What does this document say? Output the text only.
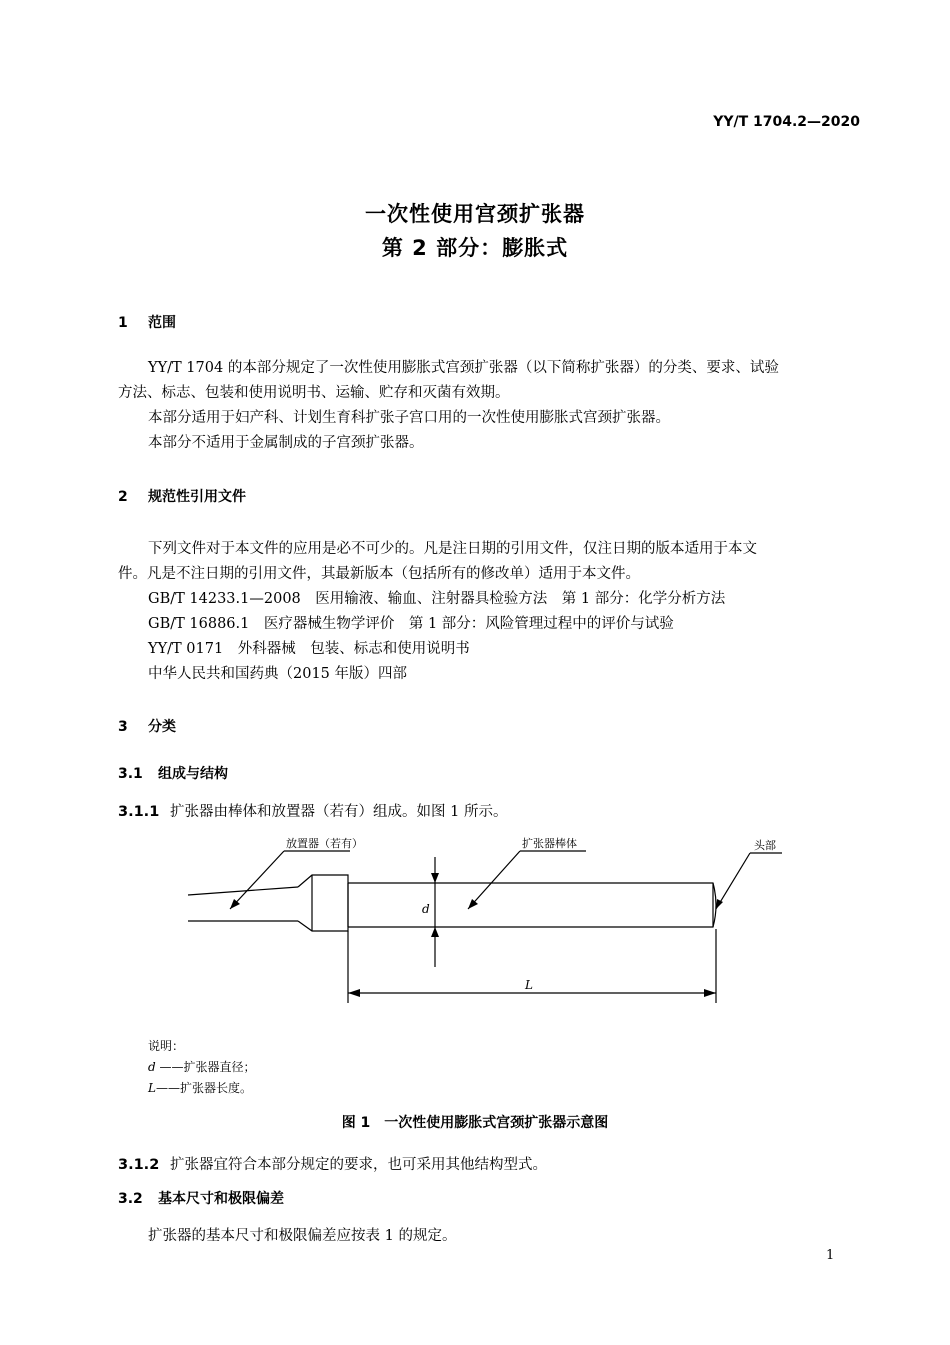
YY/T 1704.2—2020
一次性使用宫颈扩张器
第 2 部分：膨胀式
1 范围

YY/T 1704 的本部分规定了一次性使用膨胀式宫颈扩张器（以下简称扩张器）的分类、要求、试验

方法、标志、包装和使用说明书、运输、贮存和灭菌有效期。

本部分适用于妇产科、计划生育科扩张子宫口用的一次性使用膨胀式宫颈扩张器。

本部分不适用于金属制成的子宫颈扩张器。

2 规范性引用文件

下列文件对于本文件的应用是必不可少的。凡是注日期的引用文件，仅注日期的版本适用于本文

件。凡是不注日期的引用文件，其最新版本（包括所有的修改单）适用于本文件。

GB/T 14233.1—2008　医用输液、输血、注射器具检验方法　第 1 部分：化学分析方法

GB/T 16886.1　医疗器械生物学评价　第 1 部分：风险管理过程中的评价与试验

YY/T 0171　外科器械　包装、标志和使用说明书

中华人民共和国药典（2015 年版）四部

3 分类
3.1 组成与结构
3.1.1 扩张器由棒体和放置器（若有）组成。如图 1 所示。
放置器（若有）	扩张器棒体	头部
d
L
说明：
d ——扩张器直径；
L——扩张器长度。
图 1　一次性使用膨胀式宫颈扩张器示意图
3.1.2 扩张器宜符合本部分规定的要求，也可采用其他结构型式。
3.2 基本尺寸和极限偏差
扩张器的基本尺寸和极限偏差应按表 1 的规定。
1
